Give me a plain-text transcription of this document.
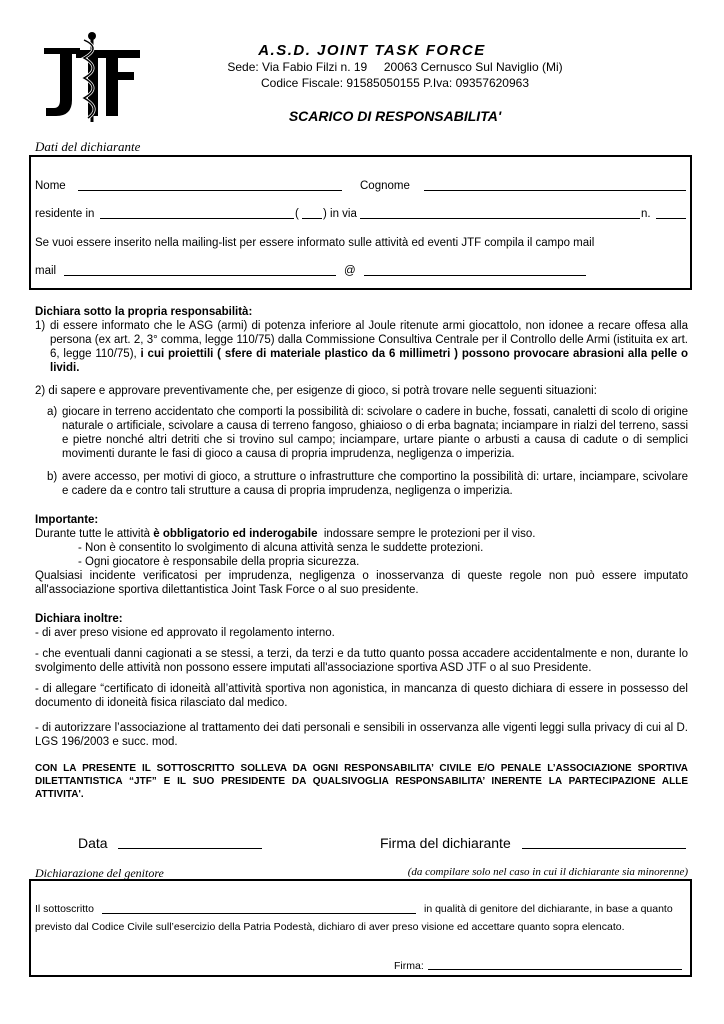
A.S.D. JOINT TASK FORCE
Sede: Via Fabio Filzi n. 19     20063 Cernusco Sul Naviglio (Mi)
Codice Fiscale: 91585050155 P.Iva: 09357620963
SCARICO DI RESPONSABILITA'
Dati del dichiarante
Nome	Cognome
residente in	( ) in via	n.
Se vuoi essere inserito nella mailing-list per essere informato sulle attività ed eventi JTF compila il campo mail
mail	@
Dichiara sotto la propria responsabilità:
1) di essere informato che le ASG (armi) di potenza inferiore al Joule ritenute armi giocattolo, non idonee a recare offesa alla persona (ex art. 2, 3° comma, legge 110/75) dalla Commissione Consultiva Centrale per il Controllo delle Armi (istituita ex art. 6, legge 110/75), i cui proiettili ( sfere di materiale plastico da 6 millimetri ) possono provocare abrasioni alla pelle o lividi.
2) di sapere e approvare preventivamente che, per esigenze di gioco, si potrà trovare nelle seguenti situazioni:
a) giocare in terreno accidentato che comporti la possibilità di: scivolare o cadere in buche, fossati, canaletti di scolo di origine naturale o artificiale, scivolare a causa di terreno fangoso, ghiaioso o di erba bagnata; inciampare in rialzi del terreno, sassi e pietre nonché altri detriti che si trovino sul campo; inciampare, urtare piante o arbusti a causa di cadute o di semplici movimenti durante le fasi di gioco a causa di propria imprudenza, negligenza o imperizia.
b) avere accesso, per motivi di gioco, a strutture o infrastrutture che comportino la possibilità di: urtare, inciampare, scivolare e cadere da e contro tali strutture a causa di propria imprudenza, negligenza o imperizia.
Importante:
Durante tutte le attività è obbligatorio ed inderogabile  indossare sempre le protezioni per il viso.
- Non è consentito lo svolgimento di alcuna attività senza le suddette protezioni.
- Ogni giocatore è responsabile della propria sicurezza.
Qualsiasi incidente verificatosi per imprudenza, negligenza o inosservanza di queste regole non può essere imputato all'associazione sportiva dilettantistica Joint Task Force o al suo presidente.
Dichiara inoltre:
- di aver preso visione ed approvato il regolamento interno.
- che eventuali danni cagionati a se stessi, a terzi, da terzi e da tutto quanto possa accadere accidentalmente e non, durante lo svolgimento delle attività non possono essere imputati all'associazione sportiva ASD JTF o al suo Presidente.
- di allegare “certificato di idoneità all’attività sportiva non agonistica, in mancanza di questo dichiara di essere in possesso del documento di idoneità fisica rilasciato dal medico.
- di autorizzare l’associazione al trattamento dei dati personali e sensibili in osservanza alle vigenti leggi sulla privacy di cui al D. LGS 196/2003 e succ. mod.
CON LA PRESENTE IL SOTTOSCRITTO SOLLEVA DA OGNI RESPONSABILITA’ CIVILE E/O PENALE L’ASSOCIAZIONE SPORTIVA DILETTANTISTICA “JTF” E IL SUO PRESIDENTE DA QUALSIVOGLIA RESPONSABILITA’ INERENTE LA PARTECIPAZIONE ALLE ATTIVITA'.
Data	Firma del dichiarante
Dichiarazione del genitore	(da compilare solo nel caso in cui il dichiarante sia minorenne)
Il sottoscritto	in qualità di genitore del dichiarante, in base a quanto
previsto dal Codice Civile sull’esercizio della Patria Podestà, dichiaro di aver preso visione ed accettare quanto sopra elencato.
Firma:
